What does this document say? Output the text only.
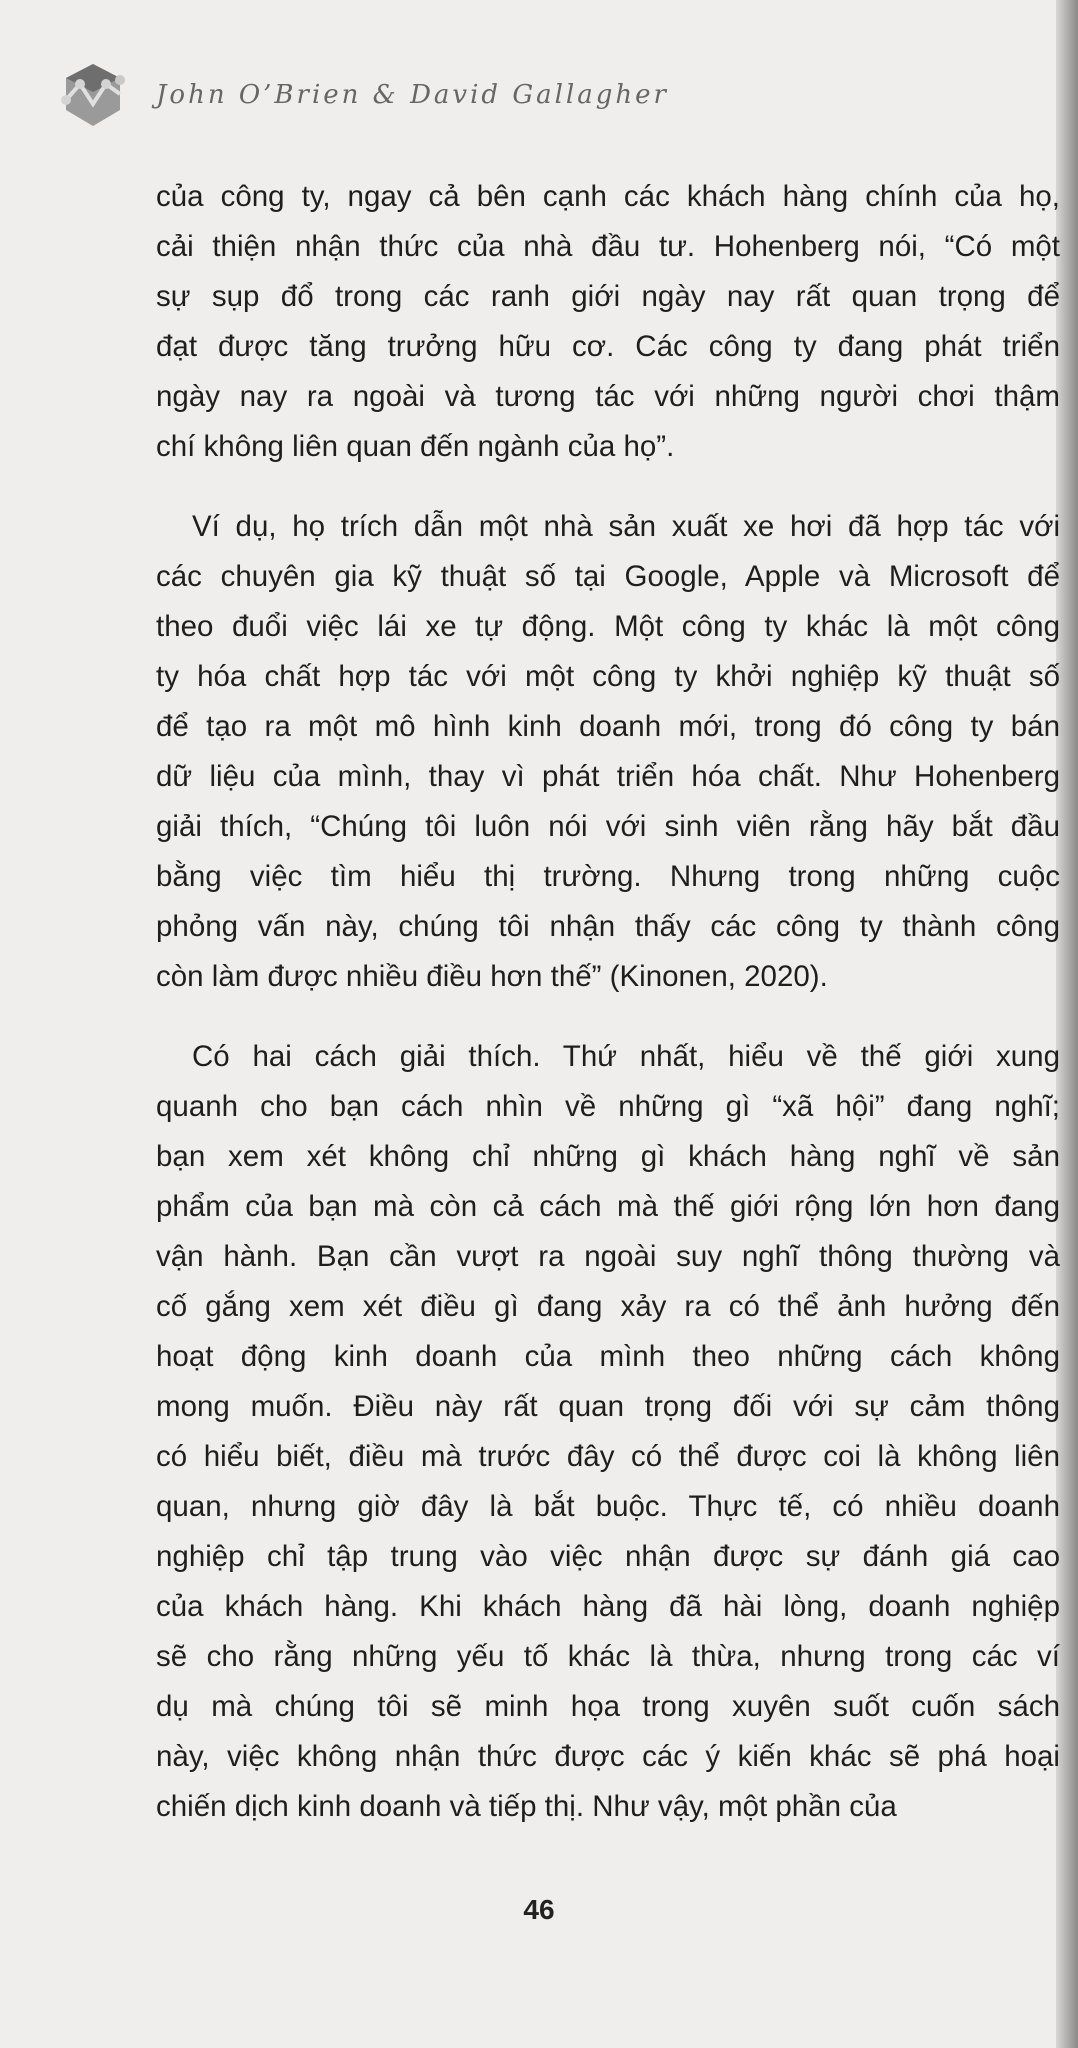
John O’Brien & David Gallagher
của công ty, ngay cả bên cạnh các khách hàng chính của họ,
cải thiện nhận thức của nhà đầu tư. Hohenberg nói, “Có một
sự sụp đổ trong các ranh giới ngày nay rất quan trọng để
đạt được tăng trưởng hữu cơ. Các công ty đang phát triển
ngày nay ra ngoài và tương tác với những người chơi thậm
chí không liên quan đến ngành của họ”.
Ví dụ, họ trích dẫn một nhà sản xuất xe hơi đã hợp tác với
các chuyên gia kỹ thuật số tại Google, Apple và Microsoft để
theo đuổi việc lái xe tự động. Một công ty khác là một công
ty hóa chất hợp tác với một công ty khởi nghiệp kỹ thuật số
để tạo ra một mô hình kinh doanh mới, trong đó công ty bán
dữ liệu của mình, thay vì phát triển hóa chất. Như Hohenberg
giải thích, “Chúng tôi luôn nói với sinh viên rằng hãy bắt đầu
bằng việc tìm hiểu thị trường. Nhưng trong những cuộc
phỏng vấn này, chúng tôi nhận thấy các công ty thành công
còn làm được nhiều điều hơn thế” (Kinonen, 2020).
Có hai cách giải thích. Thứ nhất, hiểu về thế giới xung
quanh cho bạn cách nhìn về những gì “xã hội” đang nghĩ;
bạn xem xét không chỉ những gì khách hàng nghĩ về sản
phẩm của bạn mà còn cả cách mà thế giới rộng lớn hơn đang
vận hành. Bạn cần vượt ra ngoài suy nghĩ thông thường và
cố gắng xem xét điều gì đang xảy ra có thể ảnh hưởng đến
hoạt động kinh doanh của mình theo những cách không
mong muốn. Điều này rất quan trọng đối với sự cảm thông
có hiểu biết, điều mà trước đây có thể được coi là không liên
quan, nhưng giờ đây là bắt buộc. Thực tế, có nhiều doanh
nghiệp chỉ tập trung vào việc nhận được sự đánh giá cao
của khách hàng. Khi khách hàng đã hài lòng, doanh nghiệp
sẽ cho rằng những yếu tố khác là thừa, nhưng trong các ví
dụ mà chúng tôi sẽ minh họa trong xuyên suốt cuốn sách
này, việc không nhận thức được các ý kiến khác sẽ phá hoại
chiến dịch kinh doanh và tiếp thị. Như vậy, một phần của
46
